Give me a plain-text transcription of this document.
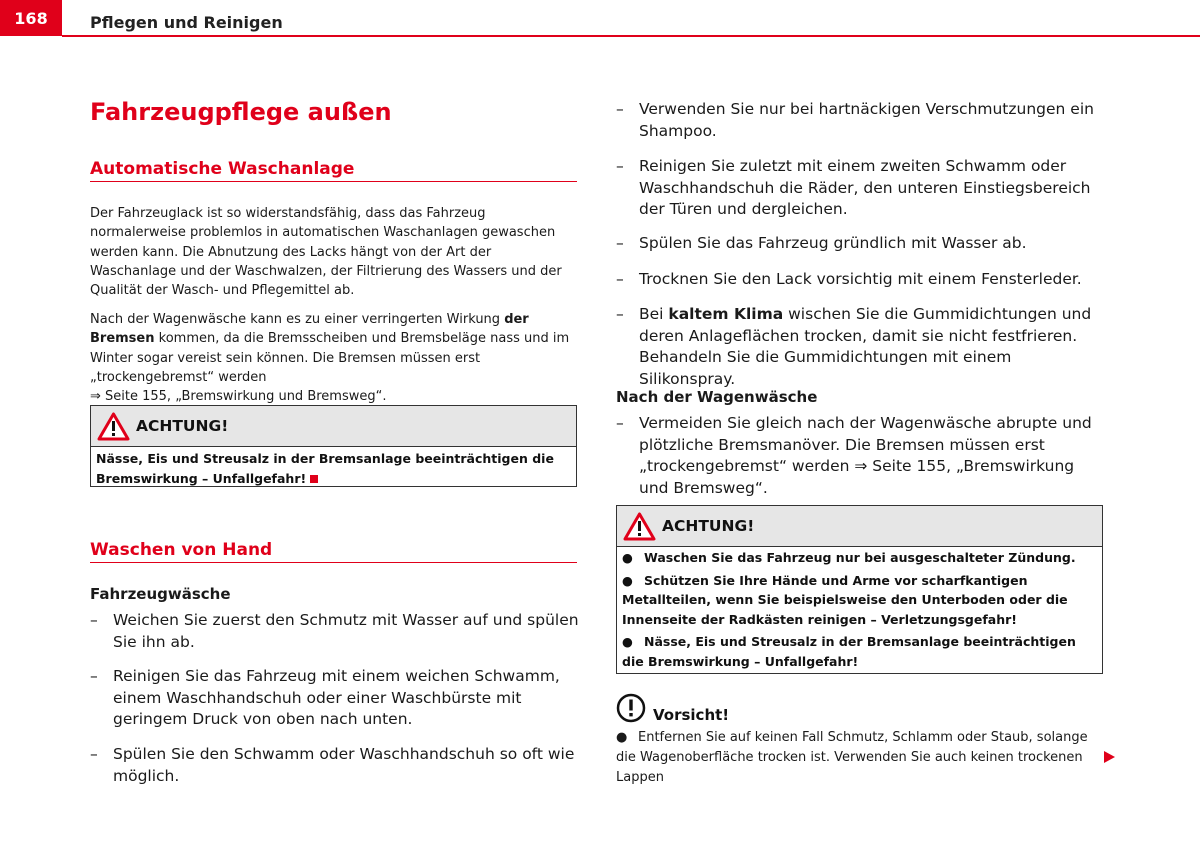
168	Pflegen und Reinigen
Fahrzeugpflege außen
Automatische Waschanlage
Der Fahrzeuglack ist so widerstandsfähig, dass das Fahrzeug normalerweise problemlos in automatischen Waschanlagen gewaschen werden kann. Die Abnutzung des Lacks hängt von der Art der Waschanlage und der Waschwalzen, der Filtrierung des Wassers und der Qualität der Wasch- und Pflegemittel ab.
Nach der Wagenwäsche kann es zu einer verringerten Wirkung der Bremsen kommen, da die Bremsscheiben und Bremsbeläge nass und im Winter sogar vereist sein können. Die Bremsen müssen erst „trockengebremst“ werden
⇒ Seite 155, „Bremswirkung und Bremsweg“.
ACHTUNG!
Nässe, Eis und Streusalz in der Bremsanlage beeinträchtigen die Bremswirkung – Unfallgefahr!
Waschen von Hand
Fahrzeugwäsche
– Weichen Sie zuerst den Schmutz mit Wasser auf und spülen Sie ihn ab.
– Reinigen Sie das Fahrzeug mit einem weichen Schwamm, einem Waschhandschuh oder einer Waschbürste mit geringem Druck von oben nach unten.
– Spülen Sie den Schwamm oder Waschhandschuh so oft wie möglich.
– Verwenden Sie nur bei hartnäckigen Verschmutzungen ein Shampoo.
– Reinigen Sie zuletzt mit einem zweiten Schwamm oder Waschhandschuh die Räder, den unteren Einstiegsbereich der Türen und dergleichen.
– Spülen Sie das Fahrzeug gründlich mit Wasser ab.
– Trocknen Sie den Lack vorsichtig mit einem Fensterleder.
– Bei kaltem Klima wischen Sie die Gummidichtungen und deren Anlageflächen trocken, damit sie nicht festfrieren. Behandeln Sie die Gummidichtungen mit einem Silikonspray.
Nach der Wagenwäsche
– Vermeiden Sie gleich nach der Wagenwäsche abrupte und plötzliche Bremsmanöver. Die Bremsen müssen erst „trockengebremst“ werden ⇒ Seite 155, „Bremswirkung und Bremsweg“.
ACHTUNG!

● Waschen Sie das Fahrzeug nur bei ausgeschalteter Zündung.

● Schützen Sie Ihre Hände und Arme vor scharfkantigen Metallteilen, wenn Sie beispielsweise den Unterboden oder die Innenseite der Radkästen reinigen – Verletzungsgefahr!

● Nässe, Eis und Streusalz in der Bremsanlage beeinträchtigen die Bremswirkung – Unfallgefahr!

Vorsicht!
● Entfernen Sie auf keinen Fall Schmutz, Schlamm oder Staub, solange die Wagenoberfläche trocken ist. Verwenden Sie auch keinen trockenen Lappen
